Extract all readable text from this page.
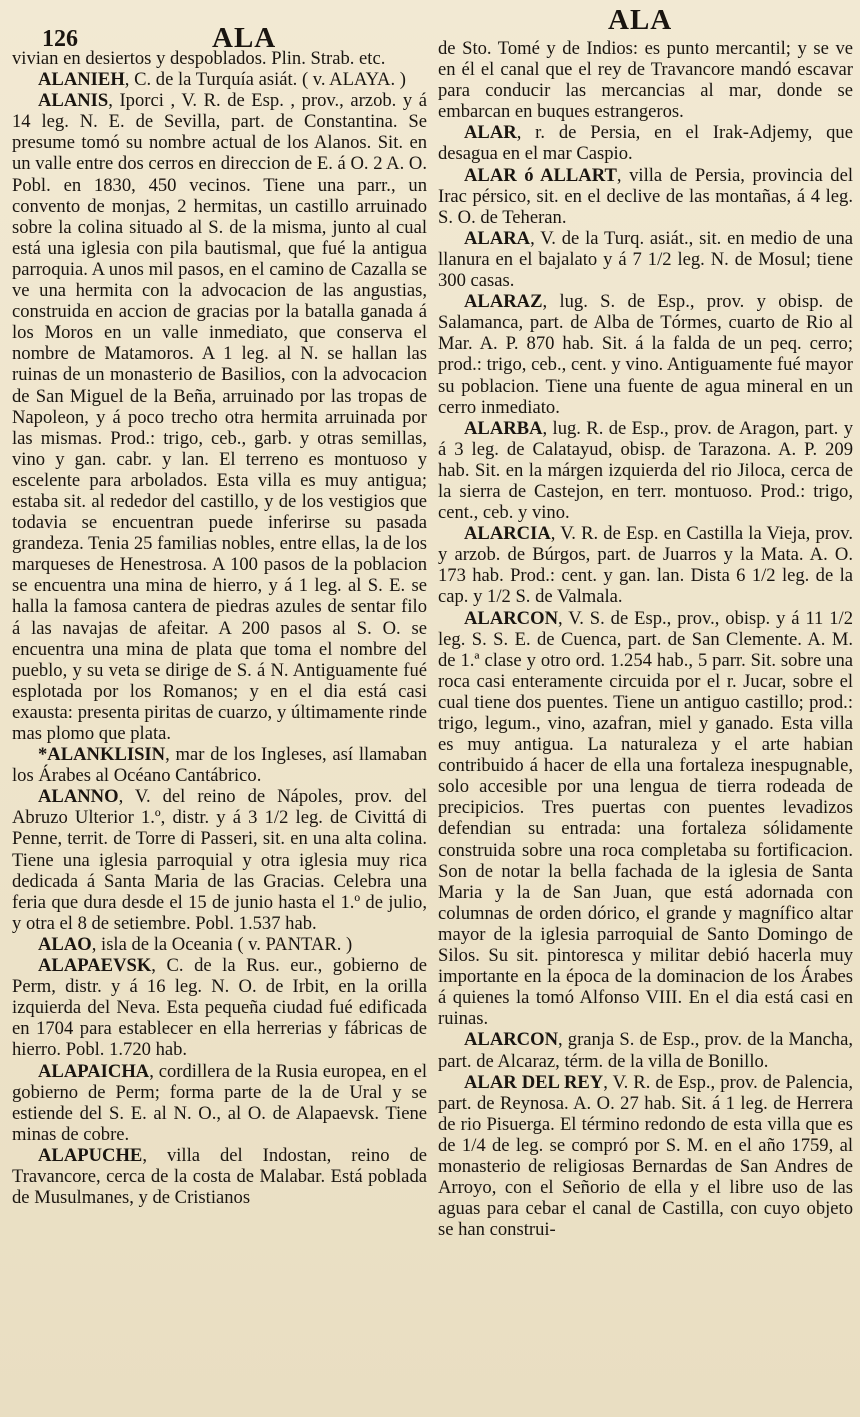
126	ALA

vivian en desiertos y despoblados. Plin. Strab. etc.

ALANIEH, C. de la Turquía asiát. ( v. ALAYA. )

ALANIS, Iporci , V. R. de Esp. , prov., arzob. y á 14 leg. N. E. de Sevilla, part. de Constantina. Se presume tomó su nombre actual de los Alanos. Sit. en un valle entre dos cerros en direccion de E. á O. 2 A. O. Pobl. en 1830, 450 vecinos. Tiene una parr., un convento de monjas, 2 hermitas, un castillo arruinado sobre la colina situado al S. de la misma, junto al cual está una iglesia con pila bautismal, que fué la antigua parroquia. A unos mil pasos, en el camino de Cazalla se ve una hermita con la advocacion de las angustias, construida en accion de gracias por la batalla ganada á los Moros en un valle inmediato, que conserva el nombre de Matamoros. A 1 leg. al N. se hallan las ruinas de un monasterio de Basilios, con la advocacion de San Miguel de la Beña, arruinado por las tropas de Napoleon, y á poco trecho otra hermita arruinada por las mismas. Prod.: trigo, ceb., garb. y otras semillas, vino y gan. cabr. y lan. El terreno es montuoso y escelente para arbolados. Esta villa es muy antigua; estaba sit. al rededor del castillo, y de los vestigios que todavia se encuentran puede inferirse su pasada grandeza. Tenia 25 familias nobles, entre ellas, la de los marqueses de Henestrosa. A 100 pasos de la poblacion se encuentra una mina de hierro, y á 1 leg. al S. E. se halla la famosa cantera de piedras azules de sentar filo á las navajas de afeitar. A 200 pasos al S. O. se encuentra una mina de plata que toma el nombre del pueblo, y su veta se dirige de S. á N. Antiguamente fué esplotada por los Romanos; y en el dia está casi exausta: presenta piritas de cuarzo, y últimamente rinde mas plomo que plata.

*ALANKLISIN, mar de los Ingleses, así llamaban los Árabes al Océano Cantábrico.

ALANNO, V. del reino de Nápoles, prov. del Abruzo Ulterior 1.º, distr. y á 3 1/2 leg. de Civittá di Penne, territ. de Torre di Passeri, sit. en una alta colina. Tiene una iglesia parroquial y otra iglesia muy rica dedicada á Santa Maria de las Gracias. Celebra una feria que dura desde el 15 de junio hasta el 1.º de julio, y otra el 8 de setiembre. Pobl. 1.537 hab.

ALAO, isla de la Oceania ( v. PANTAR. )

ALAPAEVSK, C. de la Rus. eur., gobierno de Perm, distr. y á 16 leg. N. O. de Irbit, en la orilla izquierda del Neva. Esta pequeña ciudad fué edificada en 1704 para establecer en ella herrerias y fábricas de hierro. Pobl. 1.720 hab.

ALAPAICHA, cordillera de la Rusia europea, en el gobierno de Perm; forma parte de la de Ural y se estiende del S. E. al N. O., al O. de Alapaevsk. Tiene minas de cobre.

ALAPUCHE, villa del Indostan, reino de Travancore, cerca de la costa de Malabar. Está poblada de Musulmanes, y de Cristianos

ALA

de Sto. Tomé y de Indios: es punto mercantil; y se ve en él el canal que el rey de Travancore mandó escavar para conducir las mercancias al mar, donde se embarcan en buques estrangeros.

ALAR, r. de Persia, en el Irak-Adjemy, que desagua en el mar Caspio.

ALAR ó ALLART, villa de Persia, provincia del Irac pérsico, sit. en el declive de las montañas, á 4 leg. S. O. de Teheran.

ALARA, V. de la Turq. asiát., sit. en medio de una llanura en el bajalato y á 7 1/2 leg. N. de Mosul; tiene 300 casas.

ALARAZ, lug. S. de Esp., prov. y obisp. de Salamanca, part. de Alba de Tórmes, cuarto de Rio al Mar. A. P. 870 hab. Sit. á la falda de un peq. cerro; prod.: trigo, ceb., cent. y vino. Antiguamente fué mayor su poblacion. Tiene una fuente de agua mineral en un cerro inmediato.

ALARBA, lug. R. de Esp., prov. de Aragon, part. y á 3 leg. de Calatayud, obisp. de Tarazona. A. P. 209 hab. Sit. en la márgen izquierda del rio Jiloca, cerca de la sierra de Castejon, en terr. montuoso. Prod.: trigo, cent., ceb. y vino.

ALARCIA, V. R. de Esp. en Castilla la Vieja, prov. y arzob. de Búrgos, part. de Juarros y la Mata. A. O. 173 hab. Prod.: cent. y gan. lan. Dista 6 1/2 leg. de la cap. y 1/2 S. de Valmala.

ALARCON, V. S. de Esp., prov., obisp. y á 11 1/2 leg. S. S. E. de Cuenca, part. de San Clemente. A. M. de 1.ª clase y otro ord. 1.254 hab., 5 parr. Sit. sobre una roca casi enteramente circuida por el r. Jucar, sobre el cual tiene dos puentes. Tiene un antiguo castillo; prod.: trigo, legum., vino, azafran, miel y ganado. Esta villa es muy antigua. La naturaleza y el arte habian contribuido á hacer de ella una fortaleza inespugnable, solo accesible por una lengua de tierra rodeada de precipicios. Tres puertas con puentes levadizos defendian su entrada: una fortaleza sólidamente construida sobre una roca completaba su fortificacion. Son de notar la bella fachada de la iglesia de Santa Maria y la de San Juan, que está adornada con columnas de orden dórico, el grande y magnífico altar mayor de la iglesia parroquial de Santo Domingo de Silos. Su sit. pintoresca y militar debió hacerla muy importante en la época de la dominacion de los Árabes á quienes la tomó Alfonso VIII. En el dia está casi en ruinas.

ALARCON, granja S. de Esp., prov. de la Mancha, part. de Alcaraz, térm. de la villa de Bonillo.

ALAR DEL REY, V. R. de Esp., prov. de Palencia, part. de Reynosa. A. O. 27 hab. Sit. á 1 leg. de Herrera de rio Pisuerga. El término redondo de esta villa que es de 1/4 de leg. se compró por S. M. en el año 1759, al monasterio de religiosas Bernardas de San Andres de Arroyo, con el Señorio de ella y el libre uso de las aguas para cebar el canal de Castilla, con cuyo objeto se han construi-
